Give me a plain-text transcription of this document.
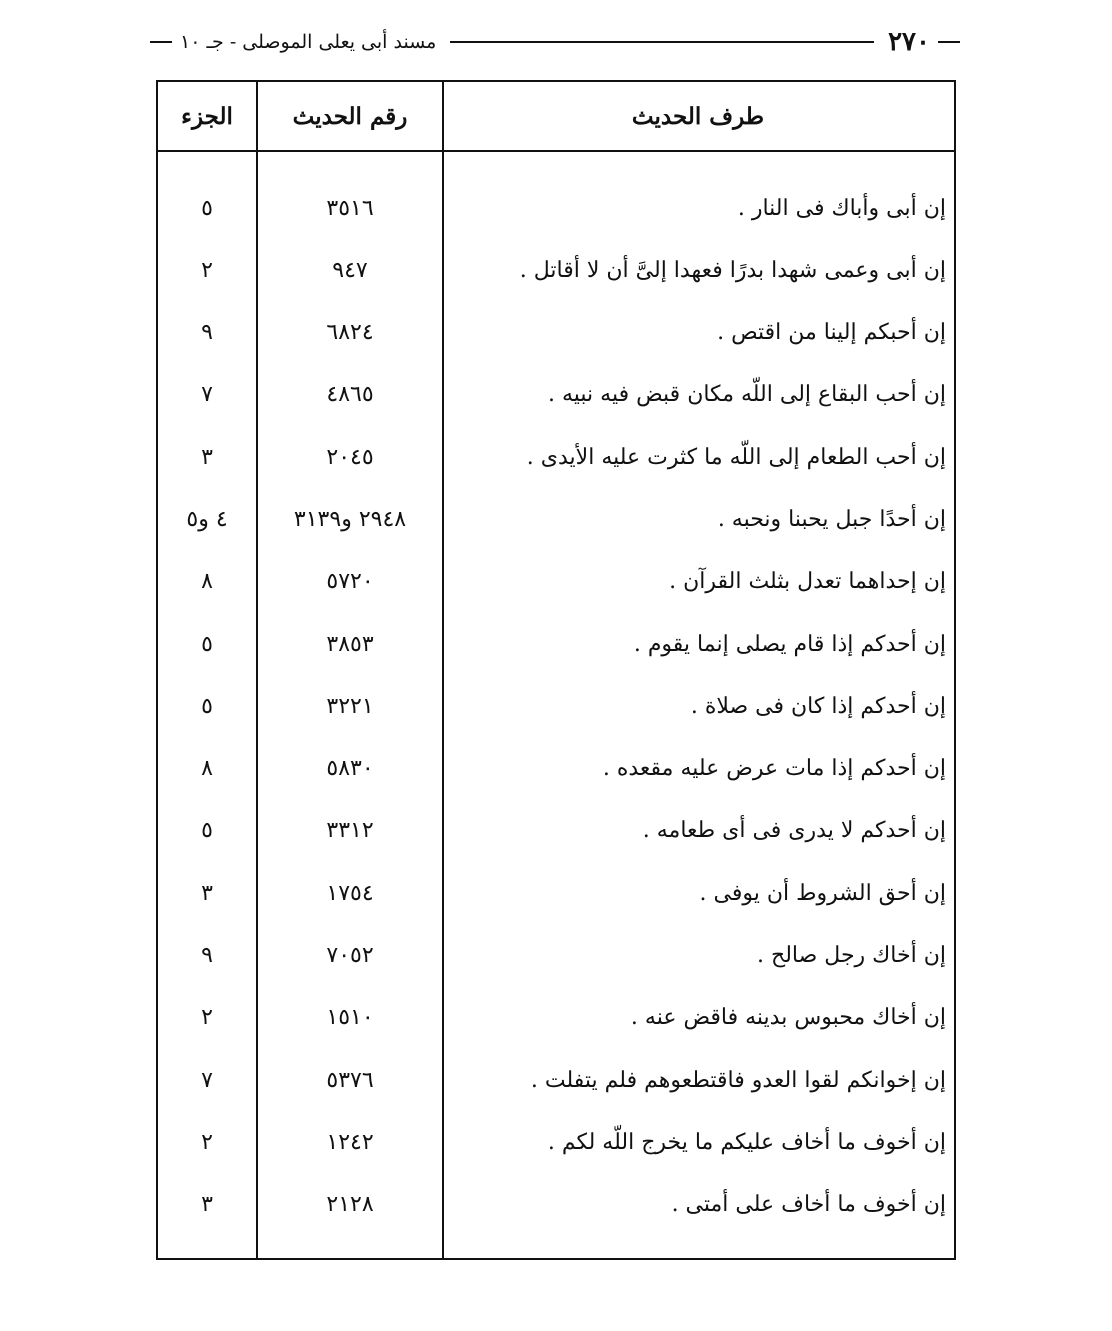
٢٧٠
مسند أبى يعلى الموصلى - جـ ١٠
طرف الحديث
رقم الحديث
الجزء
إن أبى وأباك فى النار .
٣٥١٦
٥
إن أبى وعمى شهدا بدرًا فعهدا إلىَّ أن لا أقاتل .
٩٤٧
٢
إن أحبكم إلينا من اقتص .
٦٨٢٤
٩
إن أحب البقاع إلى اللّه مكان قبض فيه نبيه .
٤٨٦٥
٧
إن أحب الطعام إلى اللّه ما كثرت عليه الأيدى .
٢٠٤٥
٣
إن أحدًا جبل يحبنا ونحبه .
٢٩٤٨ و٣١٣٩
٤ و٥
إن إحداهما تعدل بثلث القرآن .
٥٧٢٠
٨
إن أحدكم إذا قام يصلى إنما يقوم .
٣٨٥٣
٥
إن أحدكم إذا كان فى صلاة .
٣٢٢١
٥
إن أحدكم إذا مات عرض عليه مقعده .
٥٨٣٠
٨
إن أحدكم لا يدرى فى أى طعامه .
٣٣١٢
٥
إن أحق الشروط أن يوفى .
١٧٥٤
٣
إن أخاك رجل صالح .
٧٠٥٢
٩
إن أخاك محبوس بدينه فاقض عنه .
١٥١٠
٢
إن إخوانكم لقوا العدو فاقتطعوهم فلم يتفلت .
٥٣٧٦
٧
إن أخوف ما أخاف عليكم ما يخرج اللّه لكم .
١٢٤٢
٢
إن أخوف ما أخاف على أمتى .
٢١٢٨
٣
